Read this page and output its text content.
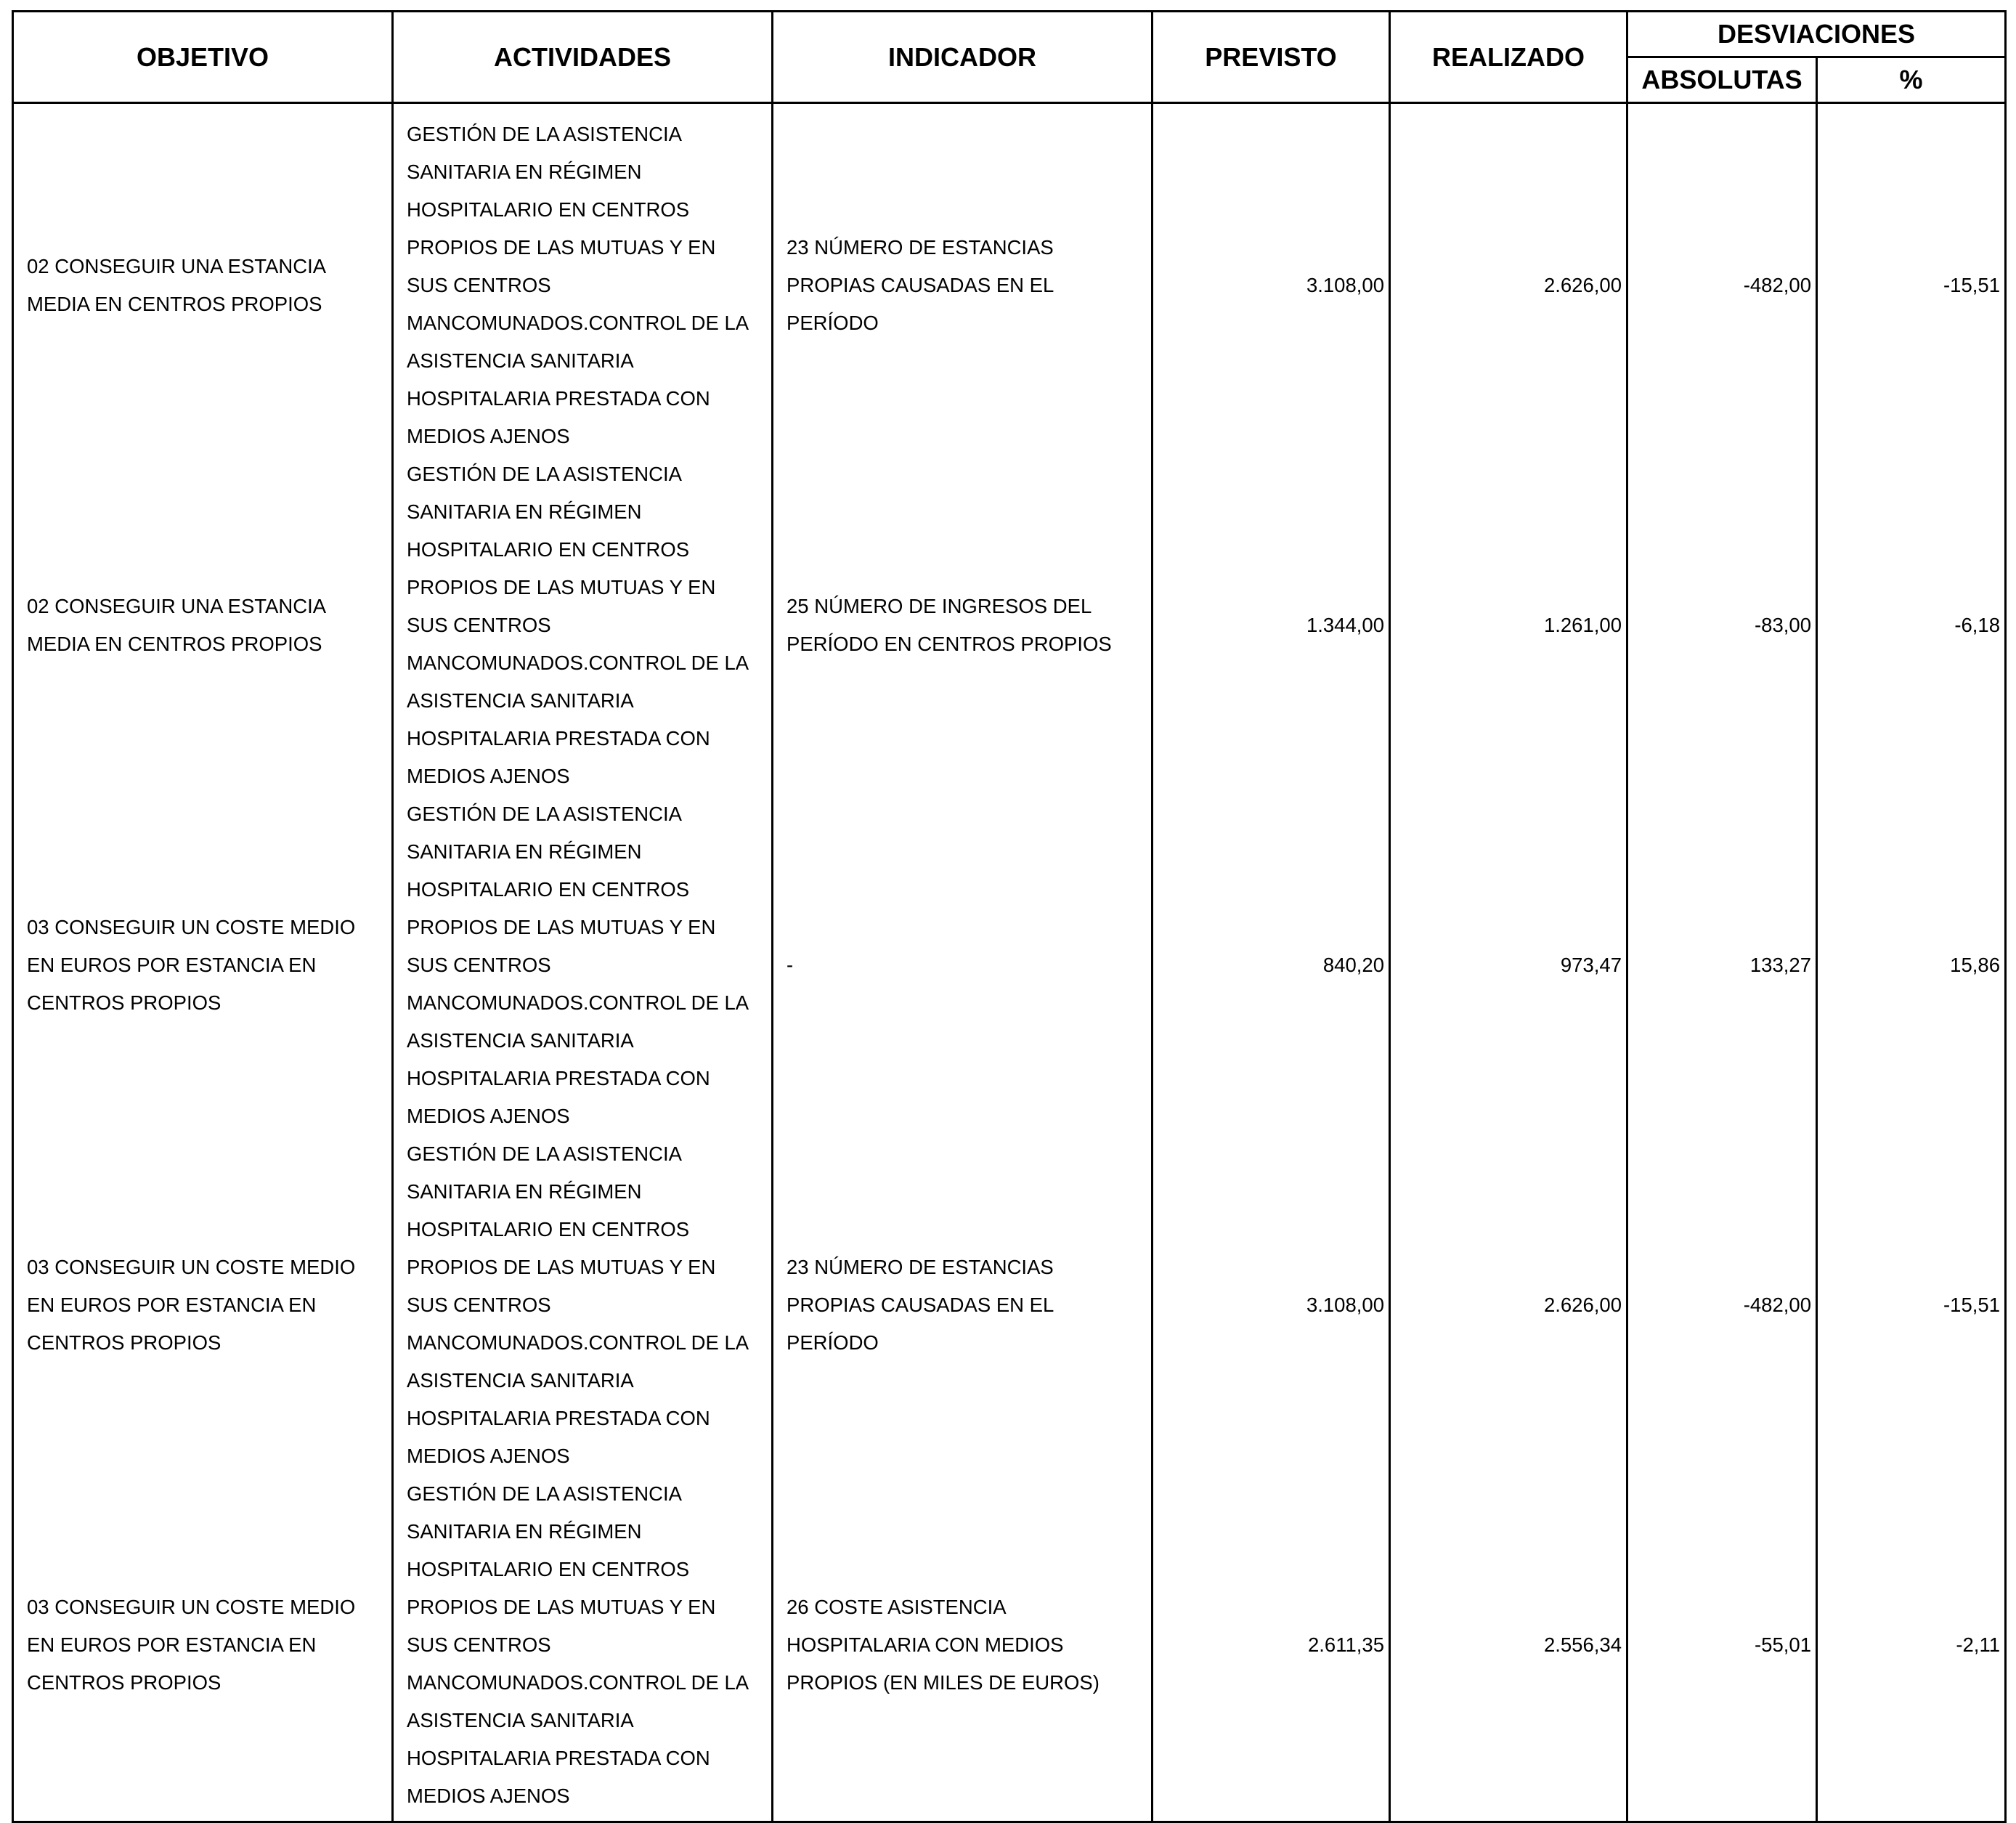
OBJETIVO	ACTIVIDADES	INDICADOR	PREVISTO	REALIZADO	DESVIACIONES	
					ABSOLUTAS	%
02 CONSEGUIR UNA ESTANCIA MEDIA EN CENTROS PROPIOS	GESTIÓN DE LA ASISTENCIA SANITARIA EN RÉGIMEN HOSPITALARIO EN CENTROS PROPIOS DE LAS MUTUAS Y EN SUS CENTROS MANCOMUNADOS.CONTROL DE LA ASISTENCIA SANITARIA HOSPITALARIA PRESTADA CON MEDIOS AJENOS	23 NÚMERO DE ESTANCIAS PROPIAS CAUSADAS EN EL PERÍODO	3.108,00	2.626,00	-482,00	-15,51
02 CONSEGUIR UNA ESTANCIA MEDIA EN CENTROS PROPIOS	GESTIÓN DE LA ASISTENCIA SANITARIA EN RÉGIMEN HOSPITALARIO EN CENTROS PROPIOS DE LAS MUTUAS Y EN SUS CENTROS MANCOMUNADOS.CONTROL DE LA ASISTENCIA SANITARIA HOSPITALARIA PRESTADA CON MEDIOS AJENOS	25 NÚMERO DE INGRESOS DEL PERÍODO EN CENTROS PROPIOS	1.344,00	1.261,00	-83,00	-6,18
03 CONSEGUIR UN COSTE MEDIO EN EUROS POR ESTANCIA EN CENTROS PROPIOS	GESTIÓN DE LA ASISTENCIA SANITARIA EN RÉGIMEN HOSPITALARIO EN CENTROS PROPIOS DE LAS MUTUAS Y EN SUS CENTROS MANCOMUNADOS.CONTROL DE LA ASISTENCIA SANITARIA HOSPITALARIA PRESTADA CON MEDIOS AJENOS	-	840,20	973,47	133,27	15,86
03 CONSEGUIR UN COSTE MEDIO EN EUROS POR ESTANCIA EN CENTROS PROPIOS	GESTIÓN DE LA ASISTENCIA SANITARIA EN RÉGIMEN HOSPITALARIO EN CENTROS PROPIOS DE LAS MUTUAS Y EN SUS CENTROS MANCOMUNADOS.CONTROL DE LA ASISTENCIA SANITARIA HOSPITALARIA PRESTADA CON MEDIOS AJENOS	23 NÚMERO DE ESTANCIAS PROPIAS CAUSADAS EN EL PERÍODO	3.108,00	2.626,00	-482,00	-15,51
03 CONSEGUIR UN COSTE MEDIO EN EUROS POR ESTANCIA EN CENTROS PROPIOS	GESTIÓN DE LA ASISTENCIA SANITARIA EN RÉGIMEN HOSPITALARIO EN CENTROS PROPIOS DE LAS MUTUAS Y EN SUS CENTROS MANCOMUNADOS.CONTROL DE LA ASISTENCIA SANITARIA HOSPITALARIA PRESTADA CON MEDIOS AJENOS	26 COSTE ASISTENCIA HOSPITALARIA CON MEDIOS PROPIOS (EN MILES DE EUROS)	2.611,35	2.556,34	-55,01	-2,11
